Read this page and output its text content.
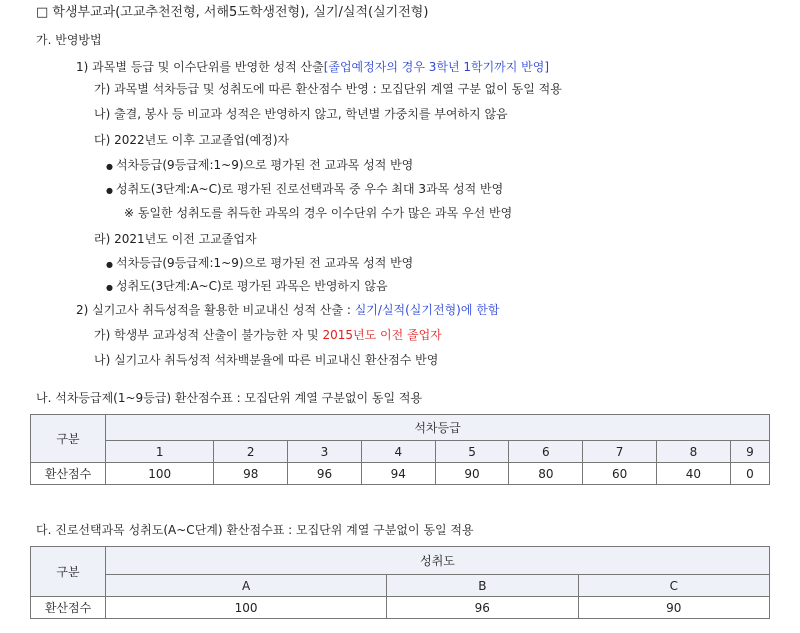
□ 학생부교과(고교추천전형, 서해5도학생전형), 실기/실적(실기전형)
가. 반영방법
1) 과목별 등급 및 이수단위를 반영한 성적 산출[졸업예정자의 경우 3학년 1학기까지 반영]
가) 과목별 석차등급 및 성취도에 따른 환산점수 반영 : 모집단위 계열 구분 없이 동일 적용
나) 출결, 봉사 등 비교과 성적은 반영하지 않고, 학년별 가중치를 부여하지 않음
다) 2022년도 이후 고교졸업(예정)자
● 석차등급(9등급제:1~9)으로 평가된 전 교과목 성적 반영
● 성취도(3단계:A~C)로 평가된 진로선택과목 중 우수 최대 3과목 성적 반영
※ 동일한 성취도를 취득한 과목의 경우 이수단위 수가 많은 과목 우선 반영
라) 2021년도 이전 고교졸업자
● 석차등급(9등급제:1~9)으로 평가된 전 교과목 성적 반영
● 성취도(3단계:A~C)로 평가된 과목은 반영하지 않음
2) 실기고사 취득성적을 활용한 비교내신 성적 산출 : 실기/실적(실기전형)에 한함
가) 학생부 교과성적 산출이 불가능한 자 및 2015년도 이전 졸업자
나) 실기고사 취득성적 석차백분율에 따른 비교내신 환산점수 반영
나. 석차등급제(1~9등급) 환산점수표 : 모집단위 계열 구분없이 동일 적용
구분	석차등급								
	1	2	3	4	5	6	7	8	9
환산점수	100	98	96	94	90	80	60	40	0
다. 진로선택과목 성취도(A~C단계) 환산점수표 : 모집단위 계열 구분없이 동일 적용
구분	성취도		
	A	B	C
환산점수	100	96	90
